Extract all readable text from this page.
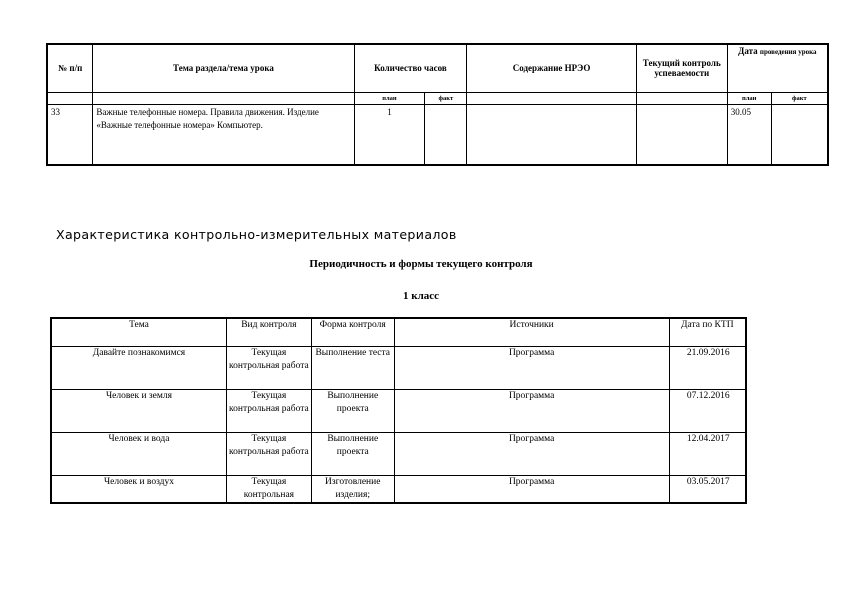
№ п/п	Тема раздела/тема урока	Количество часов		Содержание НРЭО	Текущий контроль успеваемости	Дата проведения урока	
		план	факт			план	факт
33	Важные телефонные номера. Правила движения. Изделие «Важные телефонные номера» Компьютер.	1				30.05	
Характеристика контрольно-измерительных материалов
Периодичность и формы текущего контроля
1 класс
Тема	Вид контроля	Форма контроля	Источники	Дата по КТП
Давайте познакомимся	Текущая контрольная работа	Выполнение теста	Программа	21.09.2016
Человек и земля	Текущая контрольная работа	Выполнение проекта	Программа	07.12.2016
Человек и вода	Текущая контрольная работа	Выполнение проекта	Программа	12.04.2017
Человек и воздух	Текущая контрольная	Изготовление изделия;	Программа	03.05.2017
